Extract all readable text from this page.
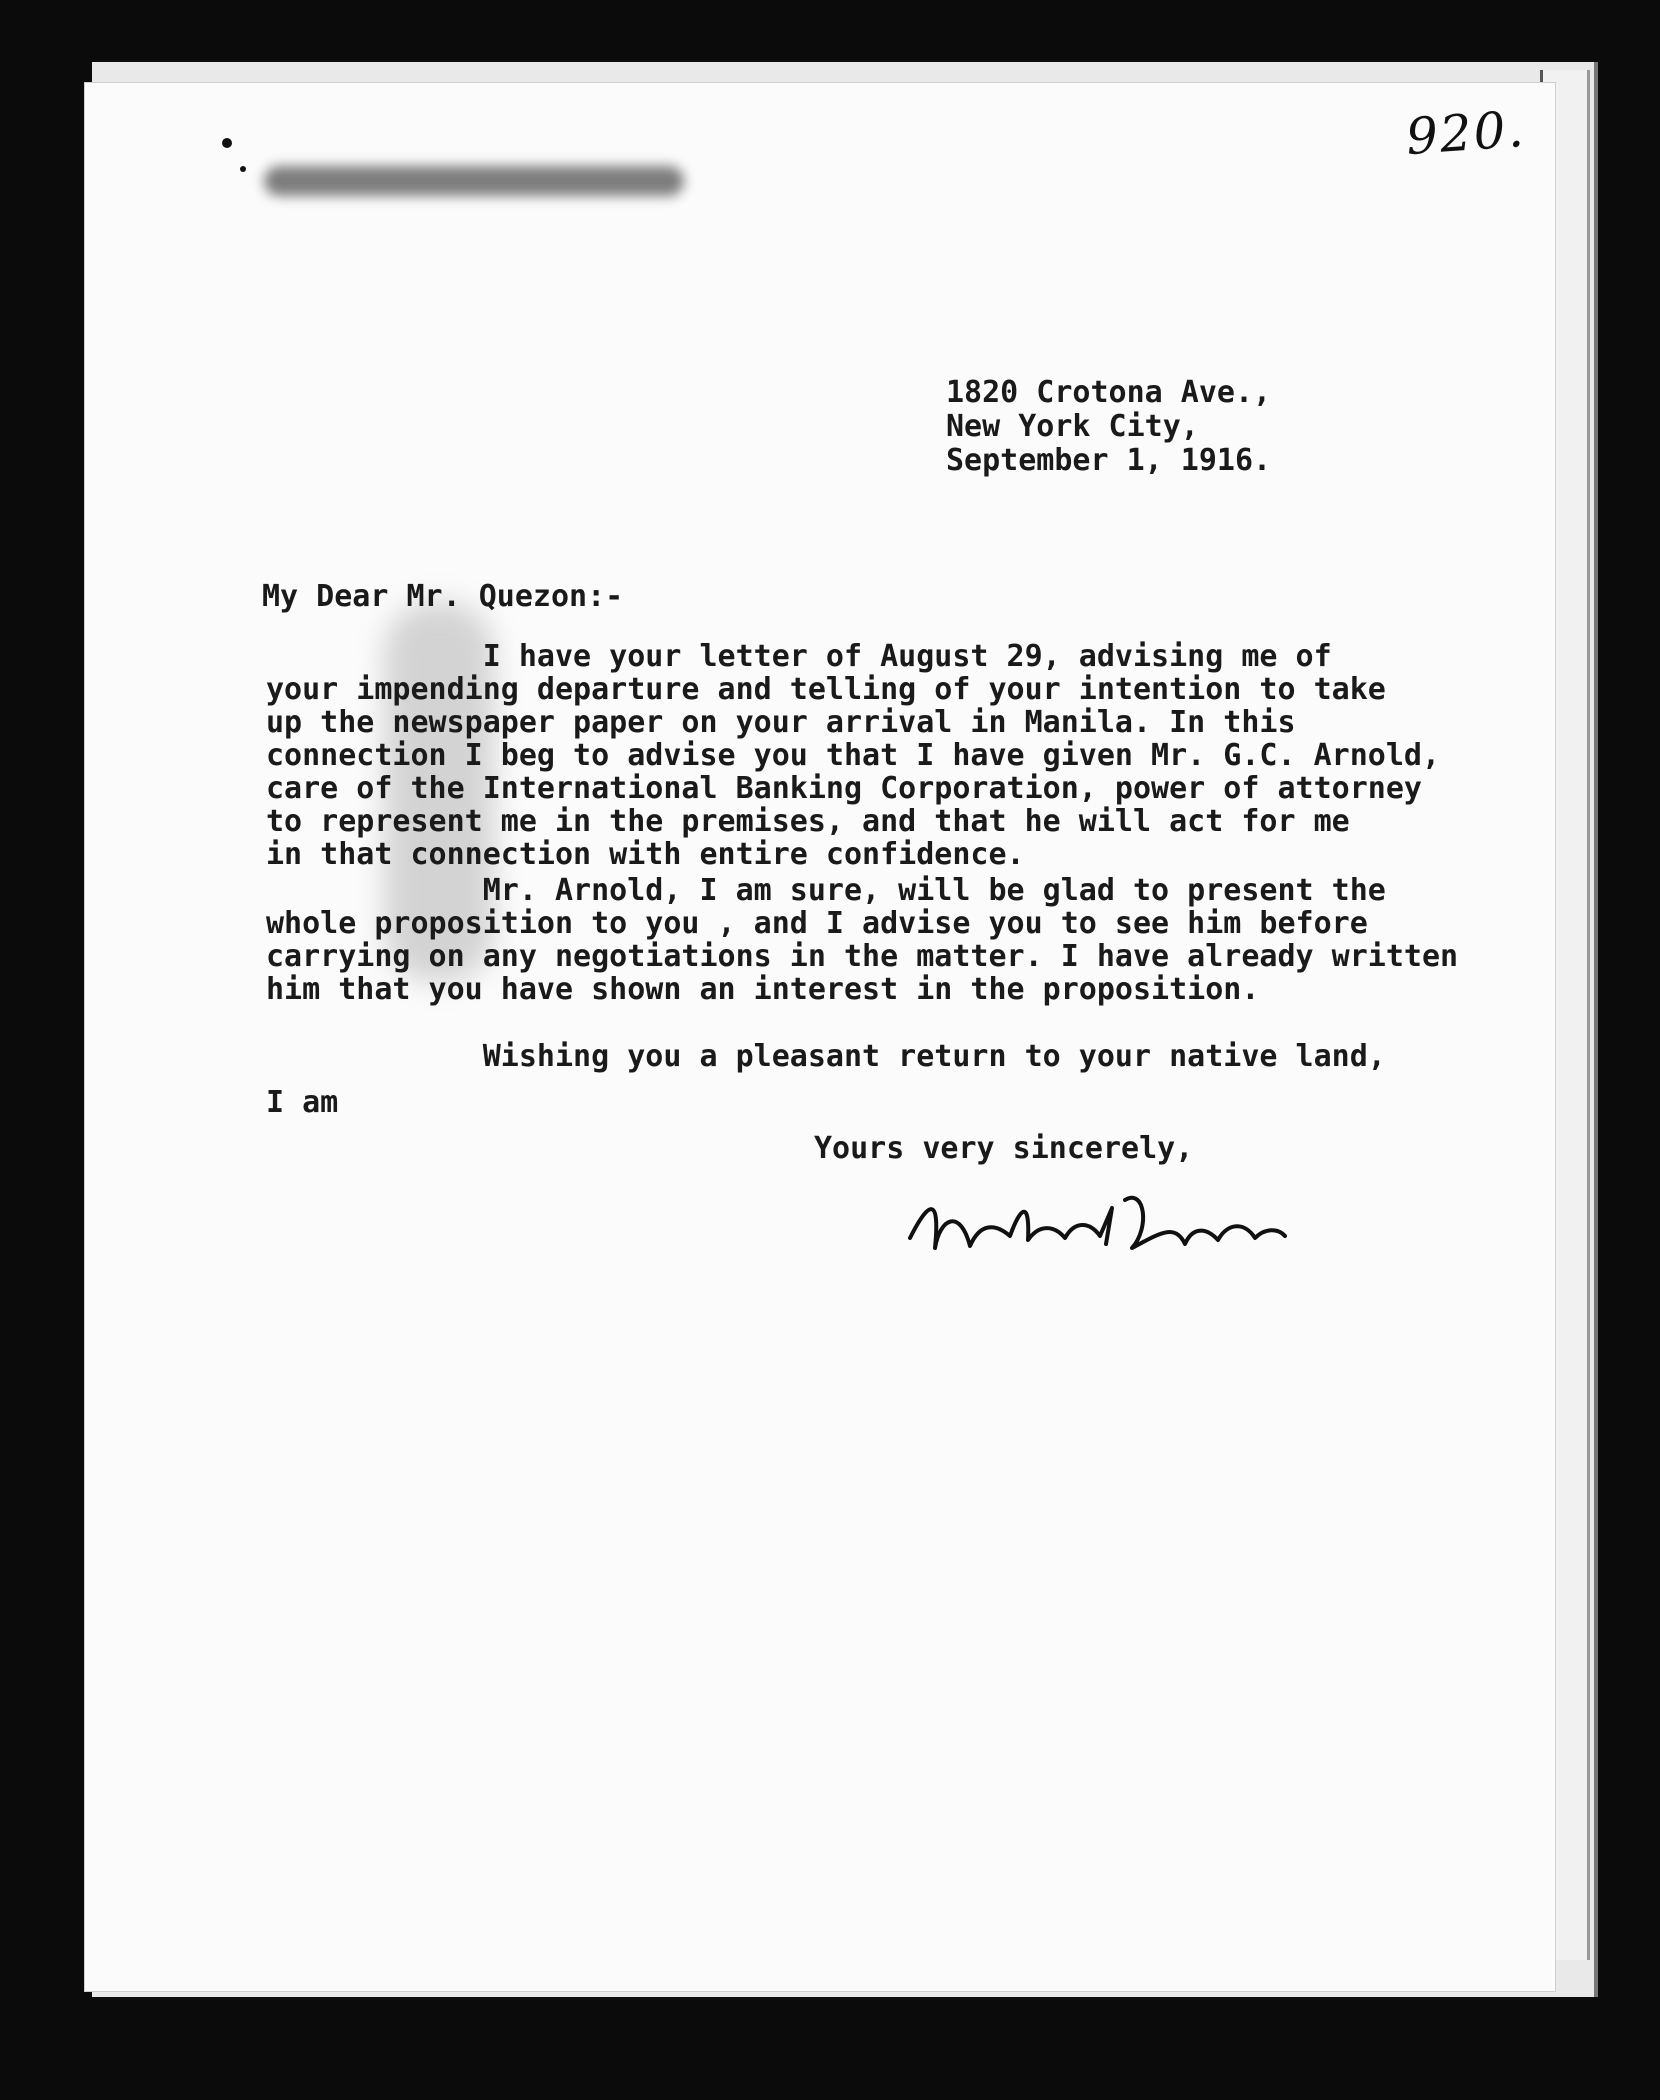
920.
1820 Crotona Ave.,
New York City,
September 1, 1916.
My Dear Mr. Quezon:-
I have your letter of August 29, advising me of
your impending departure and telling of your intention to take
up the newspaper paper on your arrival in Manila. In this
connection I beg to advise you that I have given Mr. G.C. Arnold,
care of the International Banking Corporation, power of attorney
to represent me in the premises, and that he will act for me
in that connection with entire confidence.
Mr. Arnold, I am sure, will be glad to present the
whole proposition to you , and I advise you to see him before
carrying on any negotiations in the matter. I have already written
him that you have shown an interest in the proposition.
Wishing you a pleasant return to your native land,
I am
Yours very sincerely,
